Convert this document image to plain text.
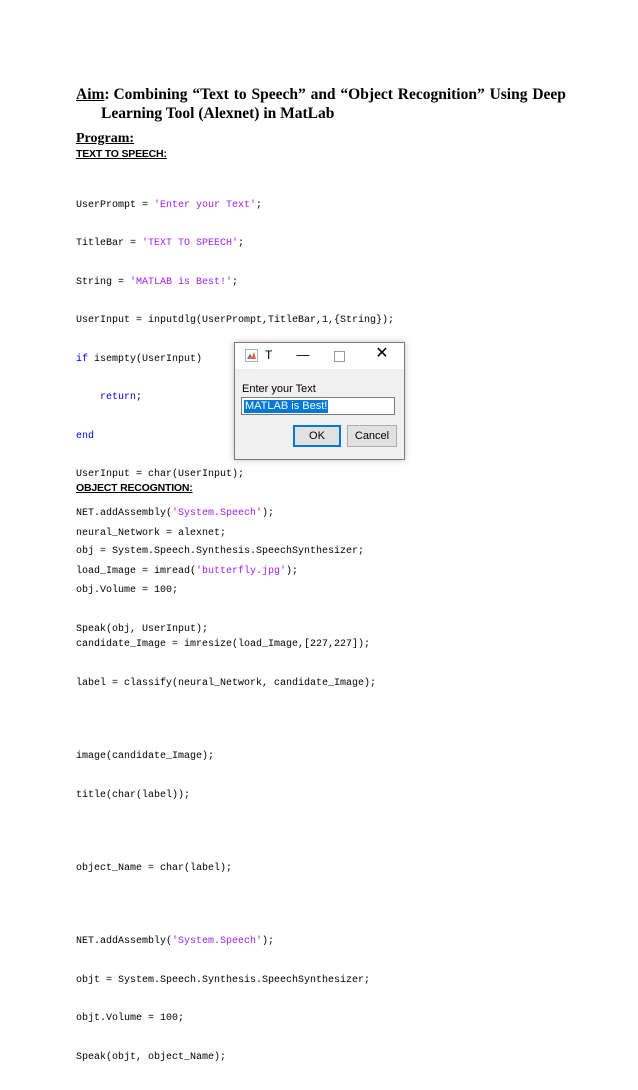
Aim: Combining “Text to Speech” and “Object Recognition” Using Deep
Learning Tool (Alexnet) in MatLab
Program:
TEXT TO SPEECH:

UserPrompt = 'Enter your Text';

TitleBar = 'TEXT TO SPEECH';

String = 'MATLAB is Best!';

UserInput = inputdlg(UserPrompt,TitleBar,1,{String});

if isempty(UserInput)

return;

end

UserInput = char(UserInput);

NET.addAssembly('System.Speech');

obj = System.Speech.Synthesis.SpeechSynthesizer;

obj.Volume = 100;

Speak(obj, UserInput);

T	—	✕
Enter your Text
MATLAB is Best!
OK	Cancel
OBJECT RECOGNTION:

neural_Network = alexnet;

load_Image = imread('butterfly.jpg');

candidate_Image = imresize(load_Image,[227,227]);

label = classify(neural_Network, candidate_Image);

image(candidate_Image);

title(char(label));

object_Name = char(label);

NET.addAssembly('System.Speech');

objt = System.Speech.Synthesis.SpeechSynthesizer;

objt.Volume = 100;

Speak(objt, object_Name);
